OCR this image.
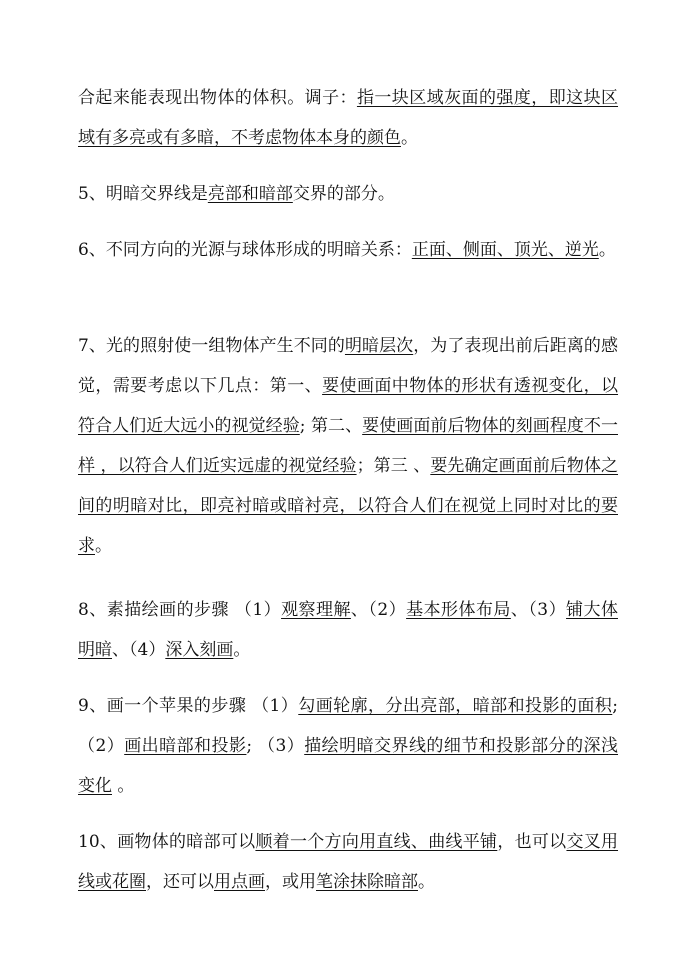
合起来能表现出物体的体积。调子：指一块区域灰面的强度，即这块区域有多亮或有多暗，不考虑物体本身的颜色。

5、明暗交界线是亮部和暗部交界的部分。

6、不同方向的光源与球体形成的明暗关系：正面、侧面、顶光、逆光。

7、光的照射使一组物体产生不同的明暗层次，为了表现出前后距离的感觉，需要考虑以下几点：第一、要使画面中物体的形状有透视变化，以符合人们近大远小的视觉经验; 第二、要使画面前后物体的刻画程度不一样 ，以符合人们近实远虚的视觉经验；第三 、要先确定画面前后物体之间的明暗对比，即亮衬暗或暗衬亮，以符合人们在视觉上同时对比的要求。

8、素描绘画的步骤 （1）观察理解、（2）基本形体布局、（3）铺大体明暗、（4）深入刻画。

9、画一个苹果的步骤 （1）勾画轮廓，分出亮部，暗部和投影的面积; （2）画出暗部和投影; （3）描绘明暗交界线的细节和投影部分的深浅变化 。

10、画物体的暗部可以顺着一个方向用直线、曲线平铺，也可以交叉用线或花圈，还可以用点画，或用笔涂抹除暗部。
